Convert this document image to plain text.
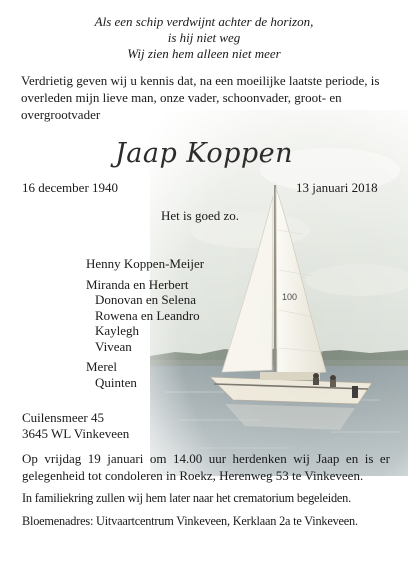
100
Als een schip verdwijnt achter de horizon,
is hij niet weg
Wij zien hem alleen niet meer
Verdrietig geven wij u kennis dat, na een moeilijke laatste periode, is overleden mijn lieve man, onze vader, schoonvader, groot- en overgrootvader
Jaap Koppen
16 december 1940	13 januari 2018
Het is goed zo.
Henny Koppen-Meijer
Miranda en Herbert
Donovan en Selena
Rowena en Leandro
Kaylegh
Vivean
Merel
Quinten
Cuilensmeer 45
3645 WL Vinkeveen

Op vrijdag 19 januari om 14.00 uur herdenken wij Jaap en is er gelegenheid tot condoleren in Roekz, Herenweg 53 te Vinkeveen.

In familiekring zullen wij hem later naar het crematorium begeleiden.

Bloemenadres: Uitvaartcentrum Vinkeveen, Kerklaan 2a te Vinkeveen.
